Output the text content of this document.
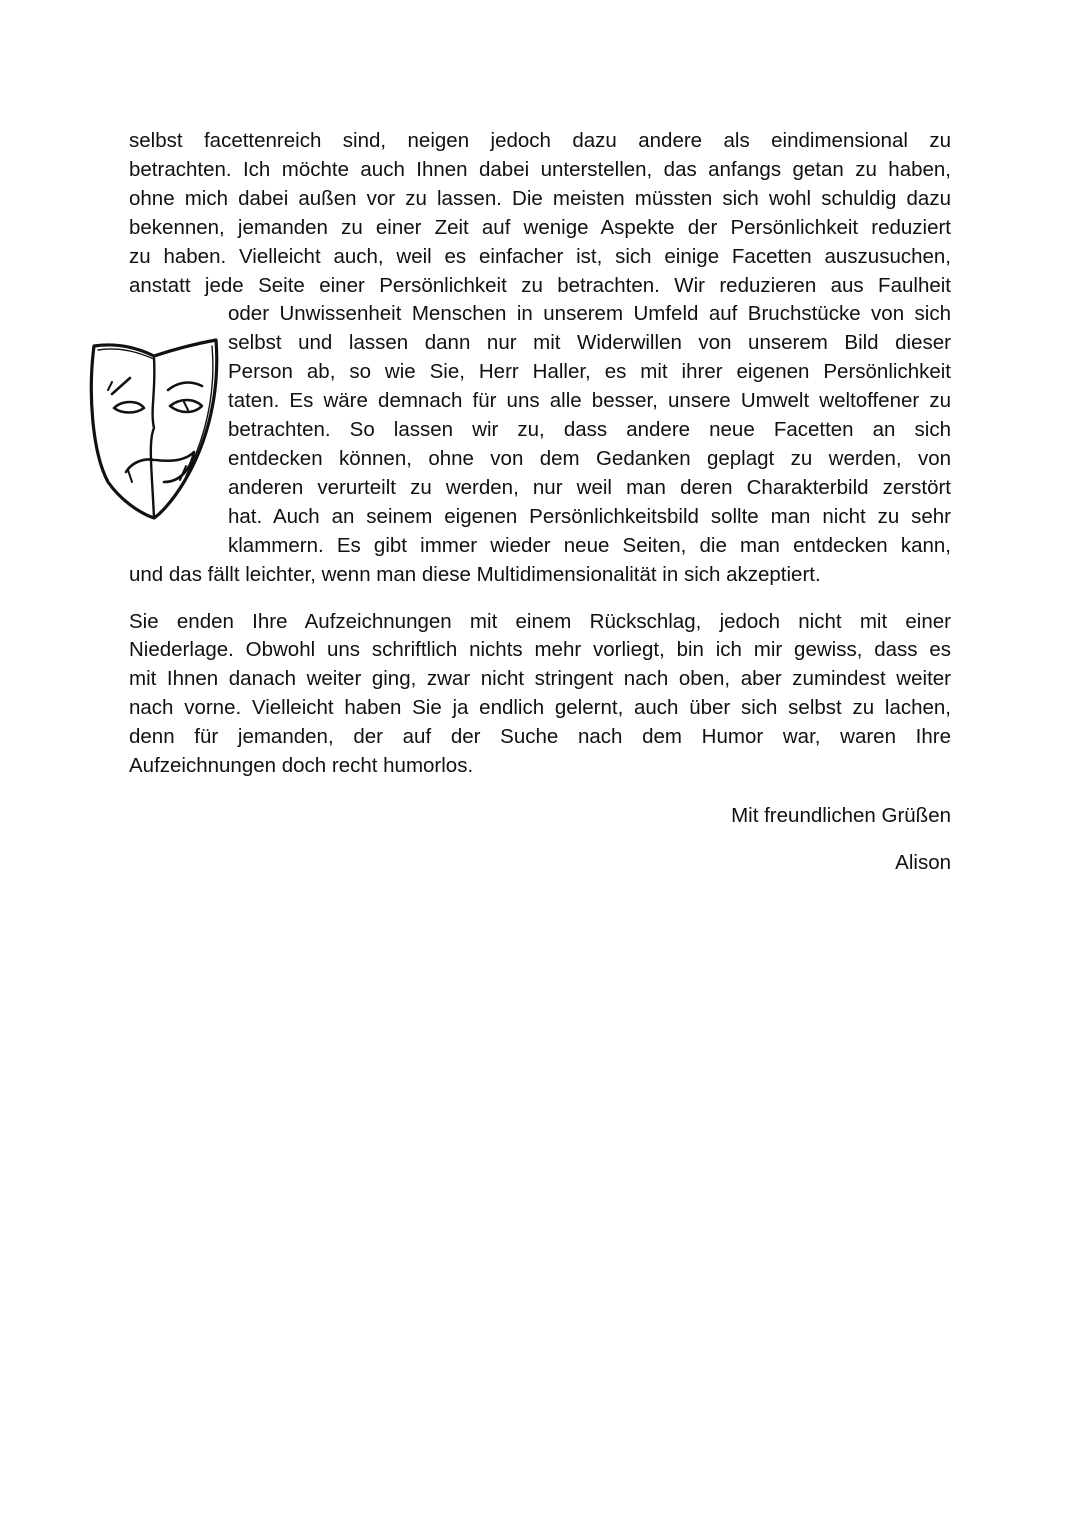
selbst facettenreich sind, neigen jedoch dazu andere als eindimensional zu
betrachten. Ich möchte auch Ihnen dabei unterstellen, das anfangs getan zu haben,
ohne mich dabei außen vor zu lassen. Die meisten müssten sich wohl schuldig dazu
bekennen, jemanden zu einer Zeit auf wenige Aspekte der Persönlichkeit reduziert
zu haben. Vielleicht auch, weil es einfacher ist, sich einige Facetten auszusuchen,
anstatt jede Seite einer Persönlichkeit zu betrachten. Wir reduzieren aus Faulheit
oder Unwissenheit Menschen in unserem Umfeld auf Bruchstücke von sich
selbst und lassen dann nur mit Widerwillen von unserem Bild dieser
Person ab, so wie Sie, Herr Haller, es mit ihrer eigenen Persönlichkeit
taten. Es wäre demnach für uns alle besser, unsere Umwelt weltoffener zu
betrachten. So lassen wir zu, dass andere neue Facetten an sich
entdecken können, ohne von dem Gedanken geplagt zu werden, von
anderen verurteilt zu werden, nur weil man deren Charakterbild zerstört
hat. Auch an seinem eigenen Persönlichkeitsbild sollte man nicht zu sehr
klammern. Es gibt immer wieder neue Seiten, die man entdecken kann,
und das fällt leichter, wenn man diese Multidimensionalität in sich akzeptiert.

Sie enden Ihre Aufzeichnungen mit einem Rückschlag, jedoch nicht mit einer
Niederlage. Obwohl uns schriftlich nichts mehr vorliegt, bin ich mir gewiss, dass es
mit Ihnen danach weiter ging, zwar nicht stringent nach oben, aber zumindest weiter
nach vorne. Vielleicht haben Sie ja endlich gelernt, auch über sich selbst zu lachen,
denn für jemanden, der auf der Suche nach dem Humor war, waren Ihre
Aufzeichnungen doch recht humorlos.

Mit freundlichen Grüßen

Alison
